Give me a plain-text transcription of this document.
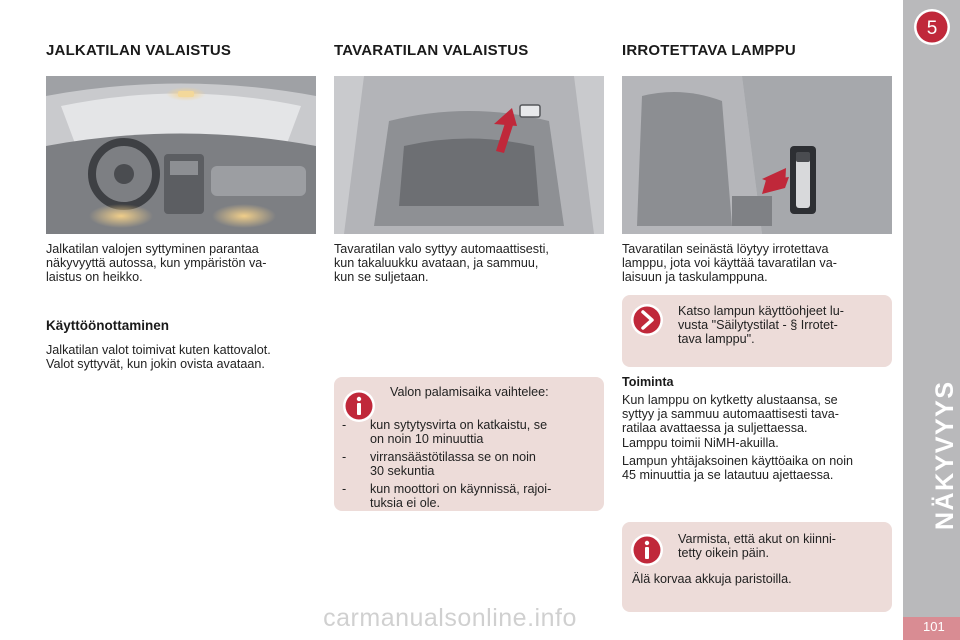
JALKATILAN VALAISTUS
Jalkatilan valojen syttyminen parantaa
näkyvyyttä autossa, kun ympäristön va-
laistus on heikko.
Käyttöönottaminen
Jalkatilan valot toimivat kuten kattovalot.
Valot syttyvät, kun jokin ovista avataan.
TAVARATILAN VALAISTUS
Tavaratilan valo syttyy automaattisesti,
kun takaluukku avataan, ja sammuu,
kun se suljetaan.
Valon palamisaika vaihtelee:
- kun sytytysvirta on katkaistu, se
on noin 10 minuuttia
- virransäästötilassa se on noin
30 sekuntia
- kun moottori on käynnissä, rajoi-
tuksia ei ole.
IRROTETTAVA LAMPPU
Tavaratilan seinästä löytyy irrotettava
lamppu, jota voi käyttää tavaratilan va-
laisuun ja taskulamppuna.
Katso lampun käyttöohjeet lu-
vusta "Säilytystilat - § Irrotet-
tava lamppu".
Toiminta
Kun lamppu on kytketty alustaansa, se
syttyy ja sammuu automaattisesti tava-
ratilaa avattaessa ja suljettaessa.
Lamppu toimii NiMH-akuilla.
Lampun yhtäjaksoinen käyttöaika on noin
45 minuuttia ja se latautuu ajettaessa.
Varmista, että akut on kiinni-
tetty oikein päin.
Älä korvaa akkuja paristoilla.
5
NÄKYVYYS
101
carmanualsonline.info
